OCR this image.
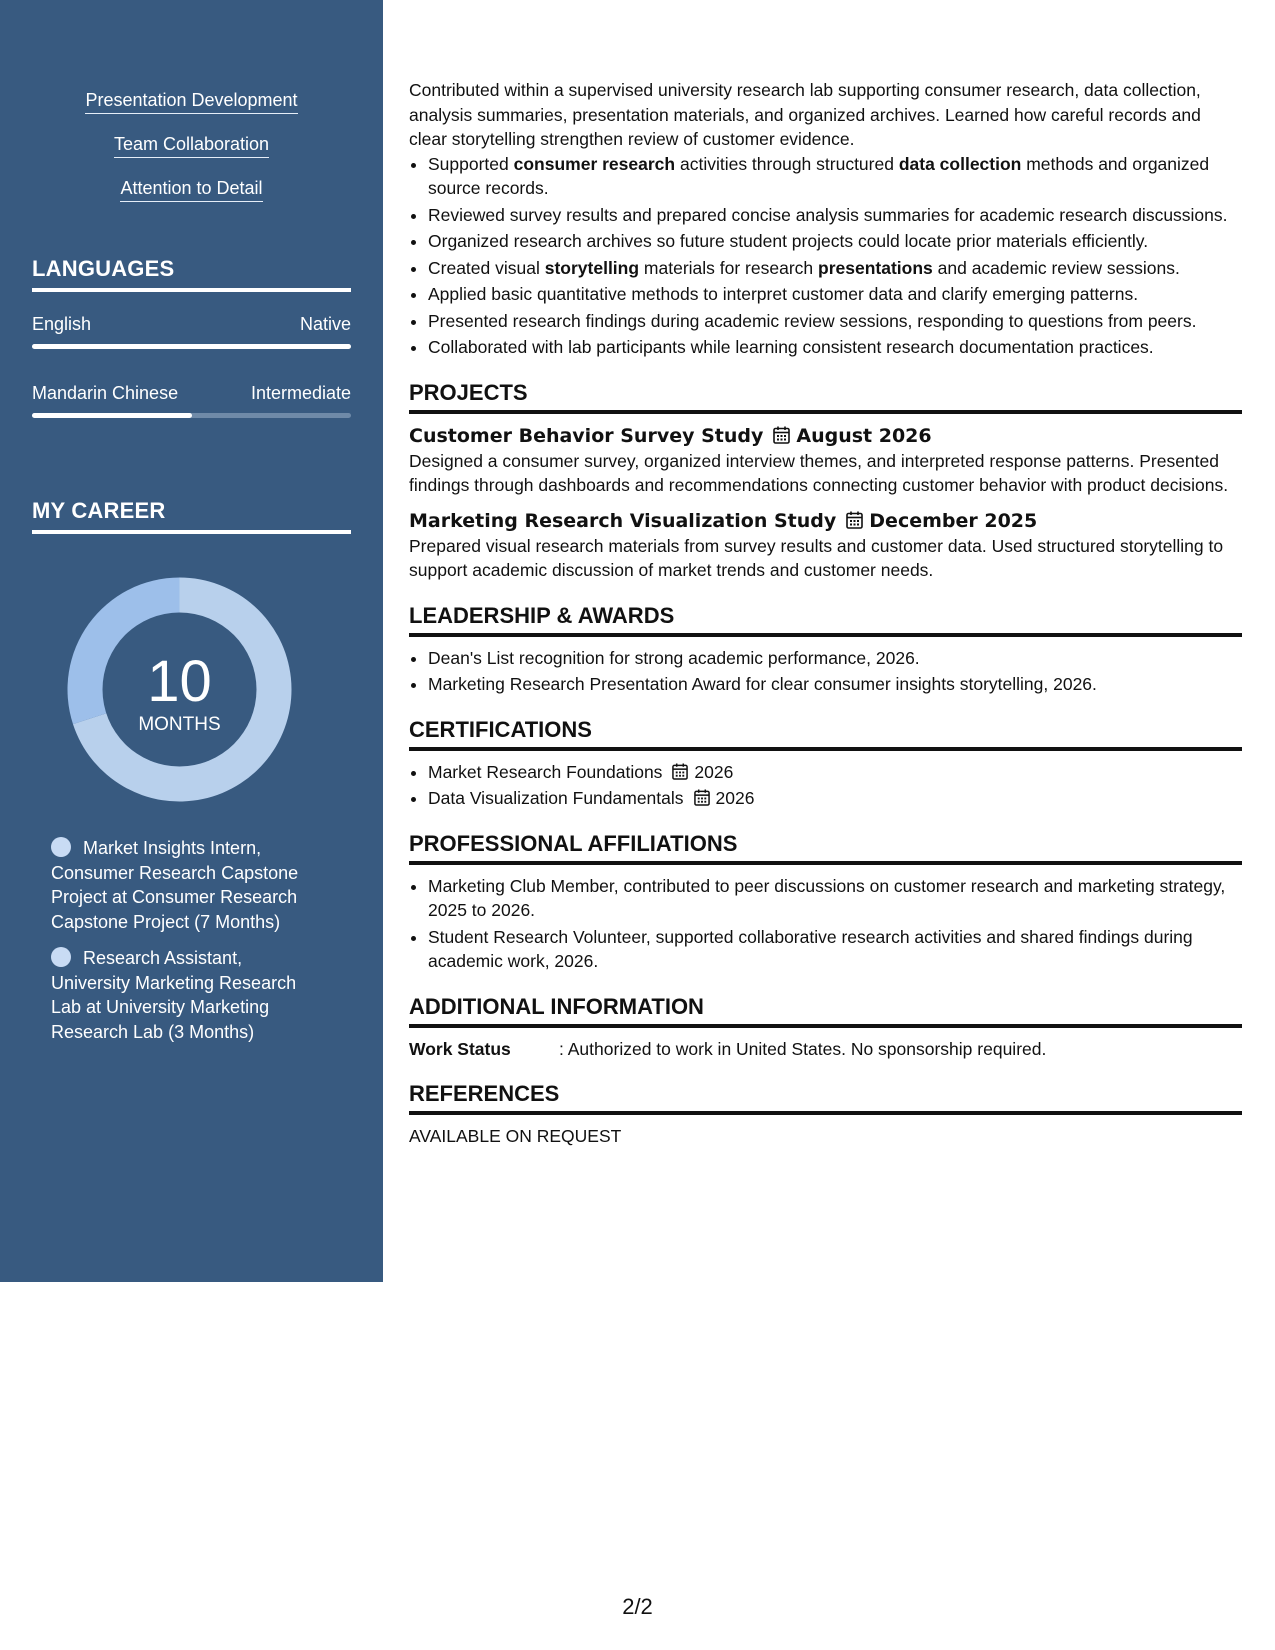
Presentation Development
Team Collaboration
Attention to Detail
LANGUAGES
English	Native
Mandarin Chinese	Intermediate
MY CAREER
10
MONTHS
Market Insights Intern, Consumer Research Capstone Project at Consumer Research Capstone Project (7 Months)
Research Assistant, University Marketing Research Lab at University Marketing Research Lab (3 Months)

Contributed within a supervised university research lab supporting consumer research, data collection, analysis summaries, presentation materials, and organized archives. Learned how careful records and clear storytelling strengthen review of customer evidence.

• Supported consumer research activities through structured data collection methods and organized source records.
• Reviewed survey results and prepared concise analysis summaries for academic research discussions.
• Organized research archives so future student projects could locate prior materials efficiently.
• Created visual storytelling materials for research presentations and academic review sessions.
• Applied basic quantitative methods to interpret customer data and clarify emerging patterns.
• Presented research findings during academic review sessions, responding to questions from peers.
• Collaborated with lab participants while learning consistent research documentation practices.
PROJECTS
Customer Behavior Survey Study August 2026

Designed a consumer survey, organized interview themes, and interpreted response patterns. Presented findings through dashboards and recommendations connecting customer behavior with product decisions.

Marketing Research Visualization Study December 2025

Prepared visual research materials from survey results and customer data. Used structured storytelling to support academic discussion of market trends and customer needs.

LEADERSHIP & AWARDS
• Dean's List recognition for strong academic performance, 2026.
• Marketing Research Presentation Award for clear consumer insights storytelling, 2026.
CERTIFICATIONS
• Market Research Foundations 2026
• Data Visualization Fundamentals 2026
PROFESSIONAL AFFILIATIONS
• Marketing Club Member, contributed to peer discussions on customer research and marketing strategy, 2025 to 2026.
• Student Research Volunteer, supported collaborative research activities and shared findings during academic work, 2026.
ADDITIONAL INFORMATION
Work Status	: Authorized to work in United States. No sponsorship required.
REFERENCES

AVAILABLE ON REQUEST

2/2
